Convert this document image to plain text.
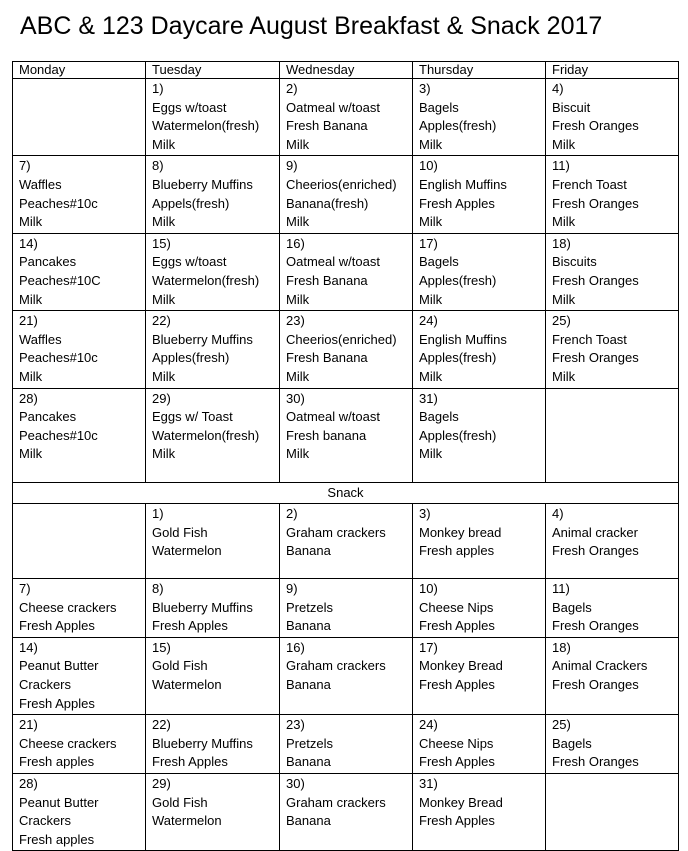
ABC & 123 Daycare August Breakfast & Snack 2017
Monday	Tuesday	Wednesday	Thursday	Friday

	1)
Eggs w/toast
Watermelon(fresh)
Milk	2)
Oatmeal w/toast
Fresh Banana
Milk	3)
Bagels
Apples(fresh)
Milk	4)
Biscuit
Fresh Oranges
Milk

7)
Waffles
Peaches#10c
Milk	8)
Blueberry Muffins
Appels(fresh)
Milk	9)
Cheerios(enriched)
Banana(fresh)
Milk	10)
English Muffins
Fresh Apples
Milk	11)
French Toast
Fresh Oranges
Milk

14)
Pancakes
Peaches#10C
Milk	15)
Eggs w/toast
Watermelon(fresh)
Milk	16)
Oatmeal w/toast
Fresh Banana
Milk	17)
Bagels
Apples(fresh)
Milk	18)
Biscuits
Fresh Oranges
Milk

21)
Waffles
Peaches#10c
Milk	22)
Blueberry Muffins
Apples(fresh)
Milk	23)
Cheerios(enriched)
Fresh Banana
Milk	24)
English Muffins
Apples(fresh)
Milk	25)
French Toast
Fresh Oranges
Milk

28)
Pancakes
Peaches#10c
Milk	29)
Eggs w/ Toast
Watermelon(fresh)
Milk	30)
Oatmeal w/toast
Fresh banana
Milk	31)
Bagels
Apples(fresh)
Milk	

Snack				

	1)
Gold Fish
Watermelon	2)
Graham crackers
Banana	3)
Monkey bread
Fresh apples	4)
Animal cracker
Fresh Oranges

7)
Cheese crackers
Fresh Apples	8)
Blueberry Muffins
Fresh Apples	9)
Pretzels
Banana	10)
Cheese Nips
Fresh Apples	11)
Bagels
Fresh Oranges

14)
Peanut Butter
Crackers
Fresh Apples	15)
Gold Fish
Watermelon	16)
Graham crackers
Banana	17)
Monkey Bread
Fresh Apples	18)
Animal Crackers
Fresh Oranges

21)
Cheese crackers
Fresh apples	22)
Blueberry Muffins
Fresh Apples	23)
Pretzels
Banana	24)
Cheese Nips
Fresh Apples	25)
Bagels
Fresh Oranges

28)
Peanut Butter
Crackers
Fresh apples	29)
Gold Fish
Watermelon	30)
Graham crackers
Banana	31)
Monkey Bread
Fresh Apples	
